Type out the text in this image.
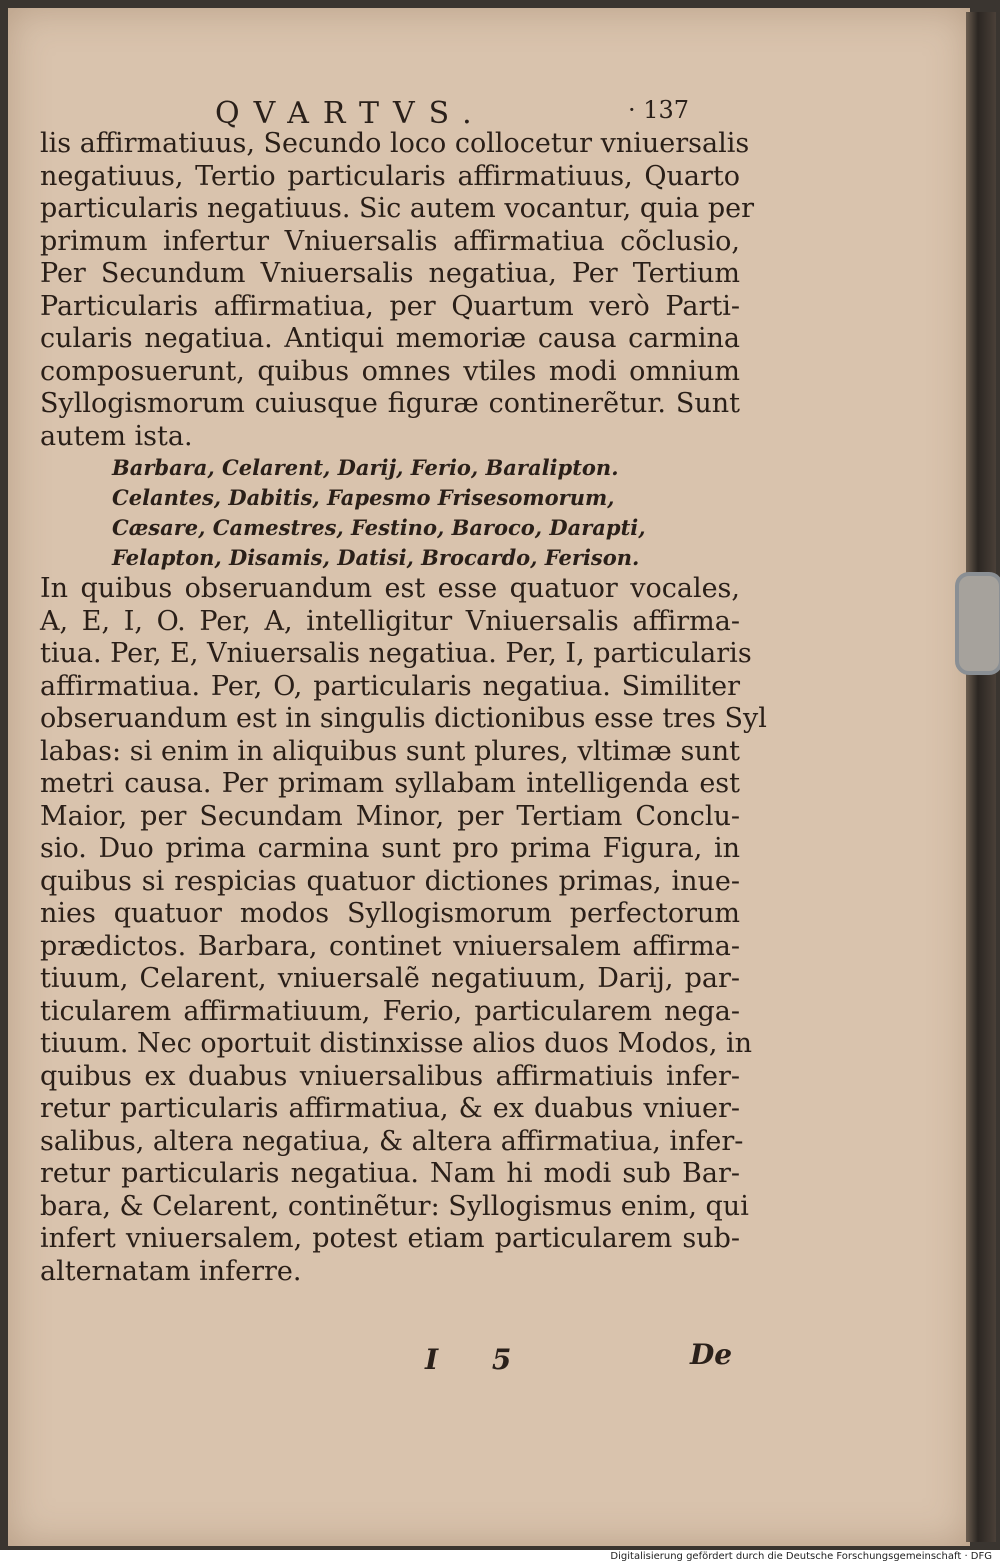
QVARTVS.	· 137
lis affirmatiuus, Secundo loco collocetur vniuersalis
negatiuus, Tertio particularis affirmatiuus, Quarto
particularis negatiuus. Sic autem vocantur, quia per
primum infertur Vniuersalis affirmatiua cõclusio,
Per Secundum Vniuersalis negatiua, Per Tertium
Particularis affirmatiua, per Quartum verò Parti-
cularis negatiua. Antiqui memoriæ causa carmina
composuerunt, quibus omnes vtiles modi omnium
Syllogismorum cuiusque figuræ continerẽtur. Sunt
autem ista.
Barbara, Celarent, Darij, Ferio, Baralipton.
Celantes, Dabitis, Fapesmo Frisesomorum,
Cæsare, Camestres, Festino, Baroco, Darapti,
Felapton, Disamis, Datisi, Brocardo, Ferison.
In quibus obseruandum est esse quatuor vocales,
A, E, I, O. Per, A, intelligitur Vniuersalis affirma-
tiua. Per, E, Vniuersalis negatiua. Per, I, particularis
affirmatiua. Per, O, particularis negatiua. Similiter
obseruandum est in singulis dictionibus esse tres Syl
labas: si enim in aliquibus sunt plures, vltimæ sunt
metri causa. Per primam syllabam intelligenda est
Maior, per Secundam Minor, per Tertiam Conclu-
sio. Duo prima carmina sunt pro prima Figura, in
quibus si respicias quatuor dictiones primas, inue-
nies quatuor modos Syllogismorum perfectorum
prædictos. Barbara, continet vniuersalem affirma-
tiuum, Celarent, vniuersalẽ negatiuum, Darij, par-
ticularem affirmatiuum, Ferio, particularem nega-
tiuum. Nec oportuit distinxisse alios duos Modos, in
quibus ex duabus vniuersalibus affirmatiuis infer-
retur particularis affirmatiua, & ex duabus vniuer-
salibus, altera negatiua, & altera affirmatiua, infer-
retur particularis negatiua. Nam hi modi sub Bar-
bara, & Celarent, continẽtur: Syllogismus enim, qui
infert vniuersalem, potest etiam particularem sub-
alternatam inferre.
I 5	De
Digitalisierung gefördert durch die Deutsche Forschungsgemeinschaft · DFG
